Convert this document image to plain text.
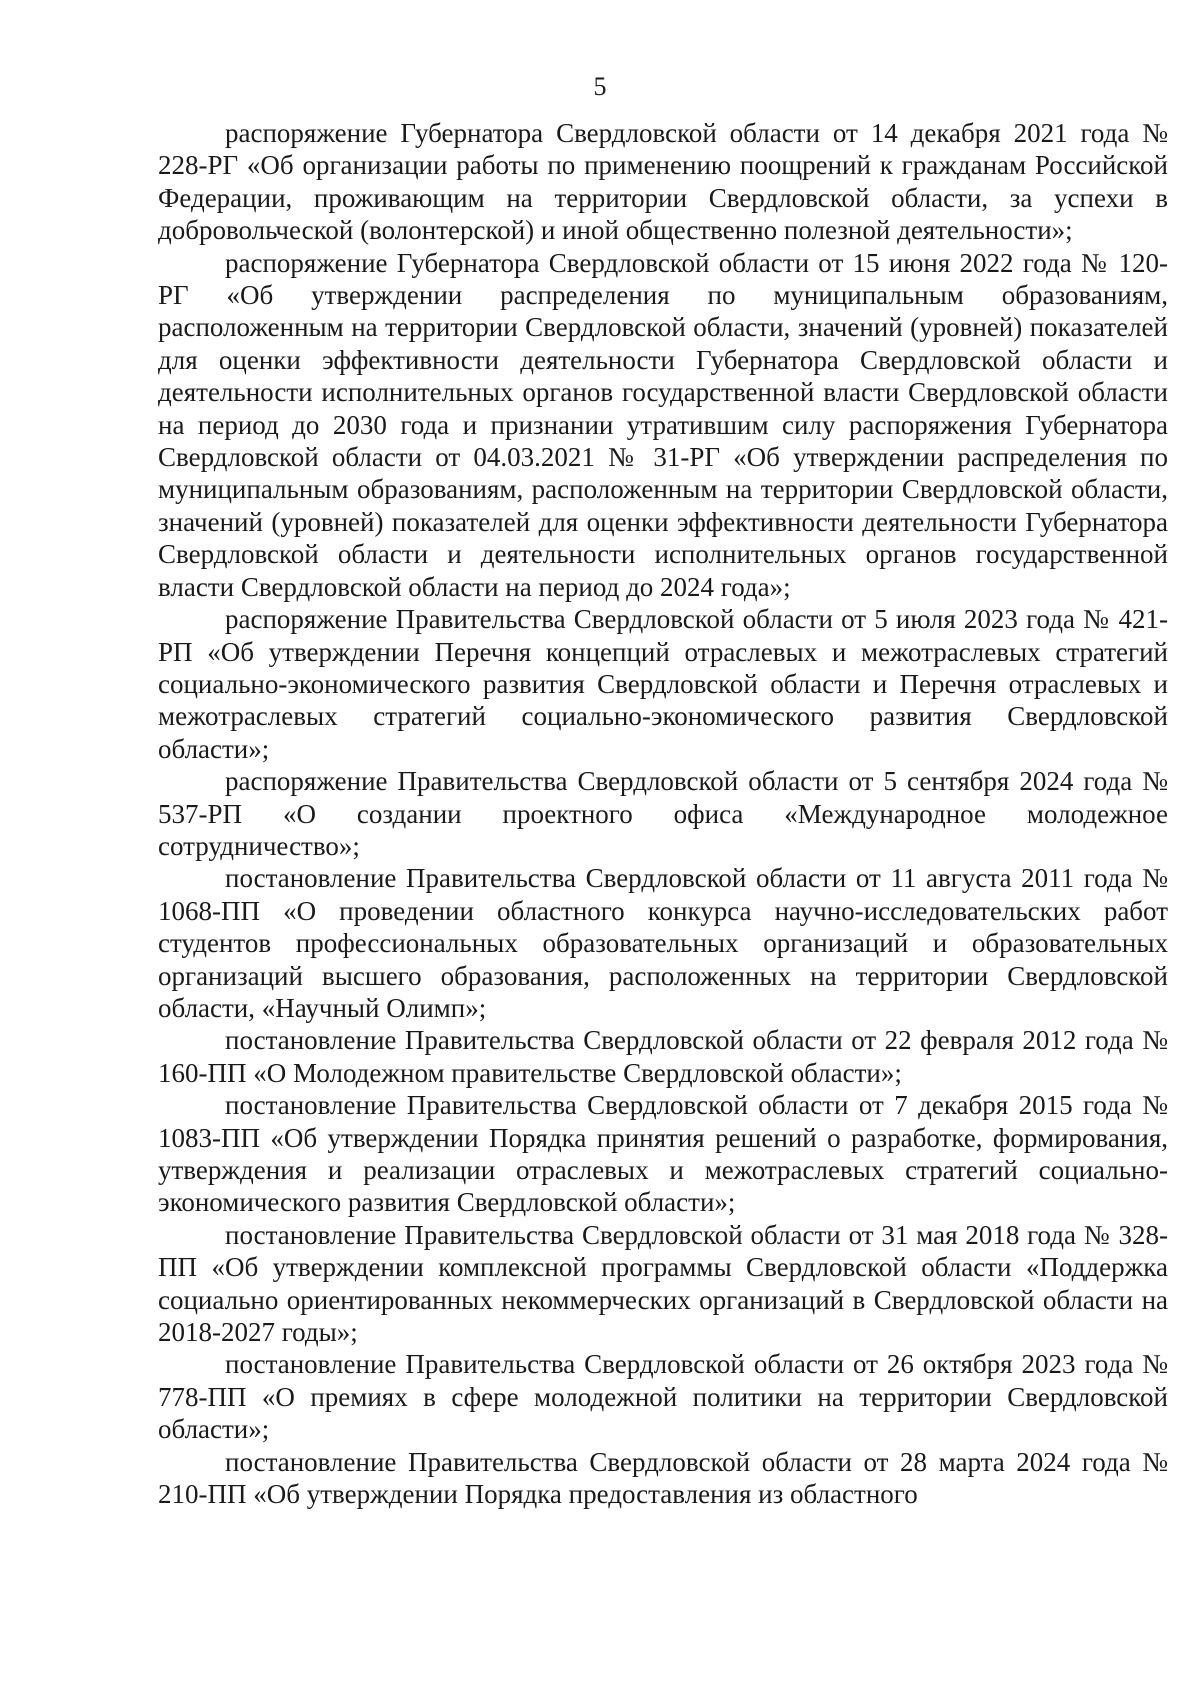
5

распоряжение Губернатора Свердловской области от 14 декабря 2021 года № 228-РГ «Об организации работы по применению поощрений к гражданам Российской Федерации, проживающим на территории Свердловской области, за успехи в добровольческой (волонтерской) и иной общественно полезной деятельности»;

распоряжение Губернатора Свердловской области от 15 июня 2022 года № 120-РГ «Об утверждении распределения по муниципальным образованиям, расположенным на территории Свердловской области, значений (уровней) показателей для оценки эффективности деятельности Губернатора Свердловской области и деятельности исполнительных органов государственной власти Свердловской области на период до 2030 года и признании утратившим силу распоряжения Губернатора Свердловской области от 04.03.2021 № 31-РГ «Об утверждении распределения по муниципальным образованиям, расположенным на территории Свердловской области, значений (уровней) показателей для оценки эффективности деятельности Губернатора Свердловской области и деятельности исполнительных органов государственной власти Свердловской области на период до 2024 года»;

распоряжение Правительства Свердловской области от 5 июля 2023 года № 421-РП «Об утверждении Перечня концепций отраслевых и межотраслевых стратегий социально-экономического развития Свердловской области и Перечня отраслевых и межотраслевых стратегий социально-экономического развития Свердловской области»;

распоряжение Правительства Свердловской области от 5 сентября 2024 года № 537-РП «О создании проектного офиса «Международное молодежное сотрудничество»;

постановление Правительства Свердловской области от 11 августа 2011 года № 1068-ПП «О проведении областного конкурса научно-исследовательских работ студентов профессиональных образовательных организаций и образовательных организаций высшего образования, расположенных на территории Свердловской области, «Научный Олимп»;

постановление Правительства Свердловской области от 22 февраля 2012 года № 160-ПП «О Молодежном правительстве Свердловской области»;

постановление Правительства Свердловской области от 7 декабря 2015 года № 1083-ПП «Об утверждении Порядка принятия решений о разработке, формирования, утверждения и реализации отраслевых и межотраслевых стратегий социально-экономического развития Свердловской области»;

постановление Правительства Свердловской области от 31 мая 2018 года № 328-ПП «Об утверждении комплексной программы Свердловской области «Поддержка социально ориентированных некоммерческих организаций в Свердловской области на 2018-2027 годы»;

постановление Правительства Свердловской области от 26 октября 2023 года № 778-ПП «О премиях в сфере молодежной политики на территории Свердловской области»;

постановление Правительства Свердловской области от 28 марта 2024 года № 210-ПП «Об утверждении Порядка предоставления из областного
